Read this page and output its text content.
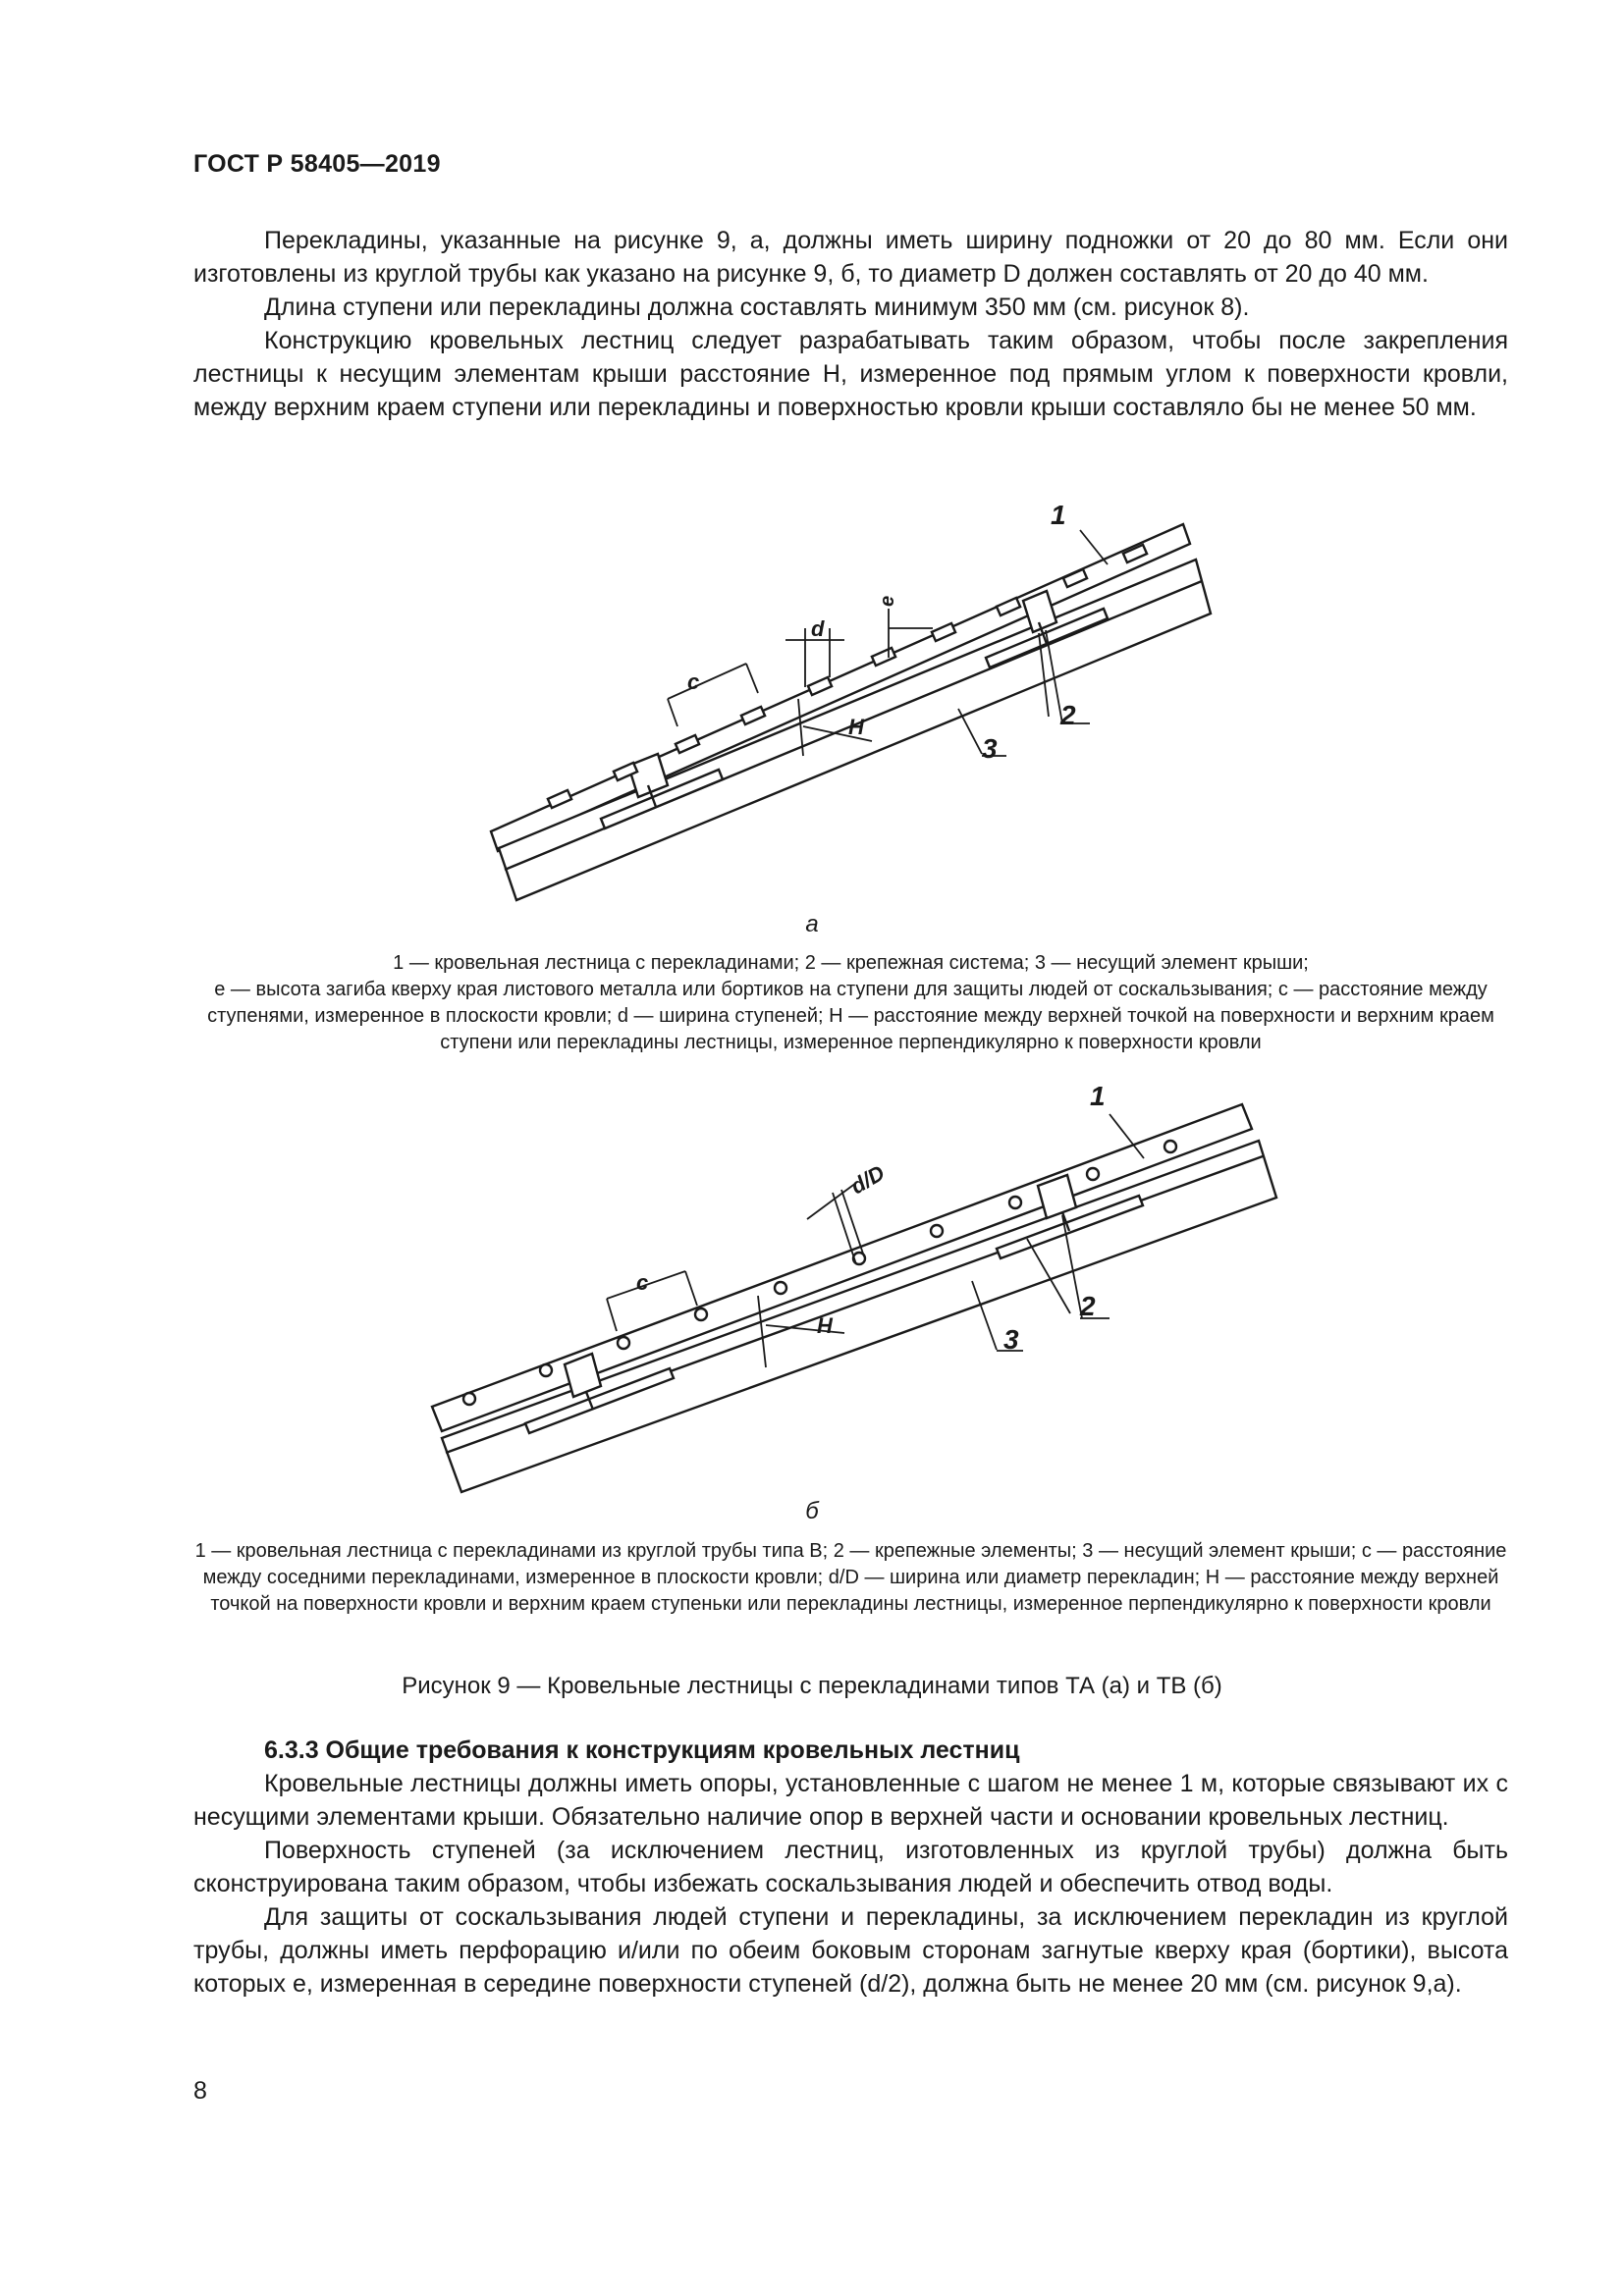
ГОСТ Р 58405—2019

Перекладины, указанные на рисунке 9, а, должны иметь ширину подножки от 20 до 80 мм. Если они изготовлены из круглой трубы как указано на рисунке 9, б, то диаметр D должен составлять от 20 до 40 мм.

Длина ступени или перекладины должна составлять минимум 350 мм (см. рисунок 8).

Конструкцию кровельных лестниц следует разрабатывать таким образом, чтобы после закрепления лестницы к несущим элементам крыши расстояние H, измеренное под прямым углом к поверхности кровли, между верхним краем ступени или перекладины и поверхностью кровли крыши составляло бы не менее 50 мм.

1
2
3
c
d
e
H
а

1 — кровельная лестница с перекладинами; 2 — крепежная система; 3 — несущий элемент крыши;

e — высота загиба кверху края листового металла или бортиков на ступени для защиты людей от соскальзывания; c — расстояние между ступенями, измеренное в плоскости кровли; d — ширина ступеней; H — расстояние между верхней точкой на поверхности и верхним краем ступени или перекладины лестницы, измеренное перпендикулярно к поверхности кровли

1
2
3
c
d/D
H
б

1 — кровельная лестница с перекладинами из круглой трубы типа В; 2 — крепежные элементы; 3 — несущий элемент крыши; c — расстояние между соседними перекладинами, измеренное в плоскости кровли; d/D — ширина или диаметр перекладин; H — расстояние между верхней точкой на поверхности кровли и верхним краем ступеньки или перекладины лестницы, измеренное перпендикулярно к поверхности кровли

Рисунок 9 — Кровельные лестницы с перекладинами типов ТА (а) и ТВ (б)

6.3.3 Общие требования к конструкциям кровельных лестниц

Кровельные лестницы должны иметь опоры, установленные с шагом не менее 1 м, которые связывают их с несущими элементами крыши. Обязательно наличие опор в верхней части и основании кровельных лестниц.

Поверхность ступеней (за исключением лестниц, изготовленных из круглой трубы) должна быть сконструирована таким образом, чтобы избежать соскальзывания людей и обеспечить отвод воды.

Для защиты от соскальзывания людей ступени и перекладины, за исключением перекладин из круглой трубы, должны иметь перфорацию и/или по обеим боковым сторонам загнутые кверху края (бортики), высота которых e, измеренная в середине поверхности ступеней (d/2), должна быть не менее 20 мм (см. рисунок 9,а).

8
